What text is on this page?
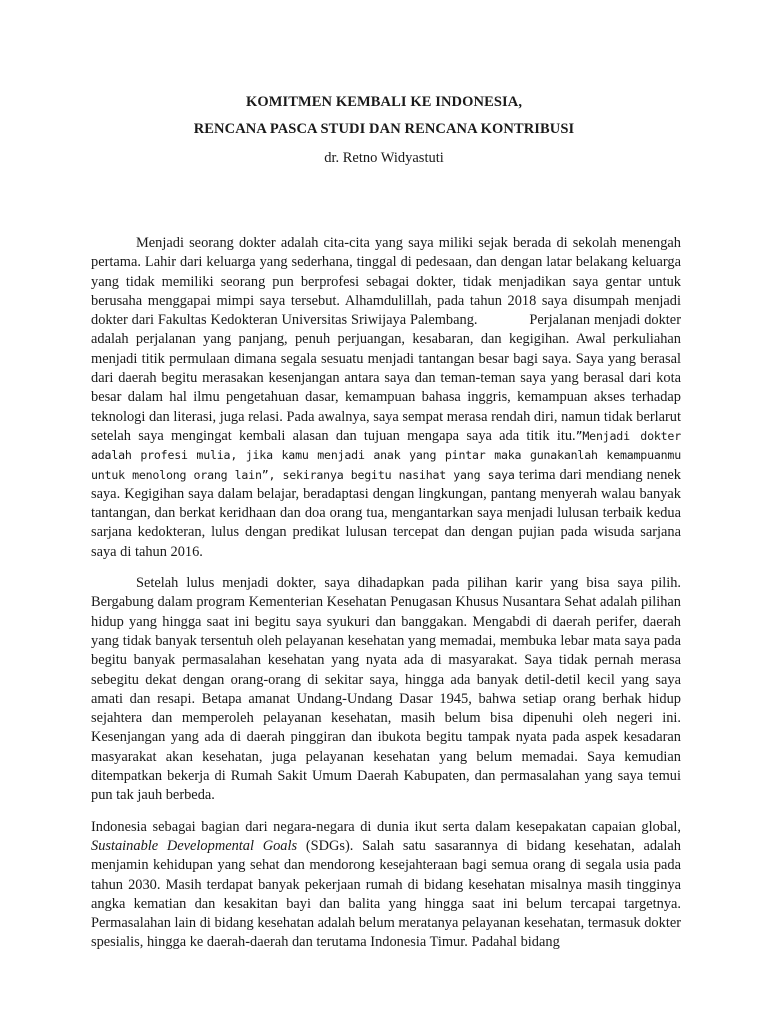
KOMITMEN KEMBALI KE INDONESIA,

RENCANA PASCA STUDI DAN RENCANA KONTRIBUSI

dr. Retno Widyastuti

Menjadi seorang dokter adalah cita-cita yang saya miliki sejak berada di sekolah menengah pertama. Lahir dari keluarga yang sederhana, tinggal di pedesaan, dan dengan latar belakang keluarga yang tidak memiliki seorang pun berprofesi sebagai dokter, tidak menjadikan saya gentar untuk berusaha menggapai mimpi saya tersebut. Alhamdulillah, pada tahun 2018 saya disumpah menjadi dokter dari Fakultas Kedokteran Universitas Sriwijaya Palembang.	Perjalanan menjadi dokter adalah perjalanan yang panjang, penuh perjuangan, kesabaran, dan kegigihan. Awal perkuliahan menjadi titik permulaan dimana segala sesuatu menjadi tantangan besar bagi saya. Saya yang berasal dari daerah begitu merasakan kesenjangan antara saya dan teman-teman saya yang berasal dari kota besar dalam hal ilmu pengetahuan dasar, kemampuan bahasa inggris, kemampuan akses terhadap teknologi dan literasi, juga relasi. Pada awalnya, saya sempat merasa rendah diri, namun tidak berlarut setelah saya mengingat kembali alasan dan tujuan mengapa saya ada titik itu.”Menjadi dokter adalah profesi mulia, jika kamu menjadi anak yang pintar maka gunakanlah kemampuanmu untuk menolong orang lain”, sekiranya begitu nasihat yang saya terima dari mendiang nenek saya. Kegigihan saya dalam belajar, beradaptasi dengan lingkungan, pantang menyerah walau banyak tantangan, dan berkat keridhaan dan doa orang tua, mengantarkan saya menjadi lulusan terbaik kedua sarjana kedokteran, lulus dengan predikat lulusan tercepat dan dengan pujian pada wisuda sarjana saya di tahun 2016.

Setelah lulus menjadi dokter, saya dihadapkan pada pilihan karir yang bisa saya pilih. Bergabung dalam program Kementerian Kesehatan Penugasan Khusus Nusantara Sehat adalah pilihan hidup yang hingga saat ini begitu saya syukuri dan banggakan. Mengabdi di daerah perifer, daerah yang tidak banyak tersentuh oleh pelayanan kesehatan yang memadai, membuka lebar mata saya pada begitu banyak permasalahan kesehatan yang nyata ada di masyarakat. Saya tidak pernah merasa sebegitu dekat dengan orang-orang di sekitar saya, hingga ada banyak detil-detil kecil yang saya amati dan resapi. Betapa amanat Undang-Undang Dasar 1945, bahwa setiap orang berhak hidup sejahtera dan memperoleh pelayanan kesehatan, masih belum bisa dipenuhi oleh negeri ini. Kesenjangan yang ada di daerah pinggiran dan ibukota begitu tampak nyata pada aspek kesadaran masyarakat akan kesehatan, juga pelayanan kesehatan yang belum memadai. Saya kemudian ditempatkan bekerja di Rumah Sakit Umum Daerah Kabupaten, dan permasalahan yang saya temui pun tak jauh berbeda.

Indonesia sebagai bagian dari negara-negara di dunia ikut serta dalam kesepakatan capaian global, Sustainable Developmental Goals (SDGs). Salah satu sasarannya di bidang kesehatan, adalah menjamin kehidupan yang sehat dan mendorong kesejahteraan bagi semua orang di segala usia pada tahun 2030. Masih terdapat banyak pekerjaan rumah di bidang kesehatan misalnya masih tingginya angka kematian dan kesakitan bayi dan balita yang hingga saat ini belum tercapai targetnya. Permasalahan lain di bidang kesehatan adalah belum meratanya pelayanan kesehatan, termasuk dokter spesialis, hingga ke daerah-daerah dan terutama Indonesia Timur. Padahal bidang
